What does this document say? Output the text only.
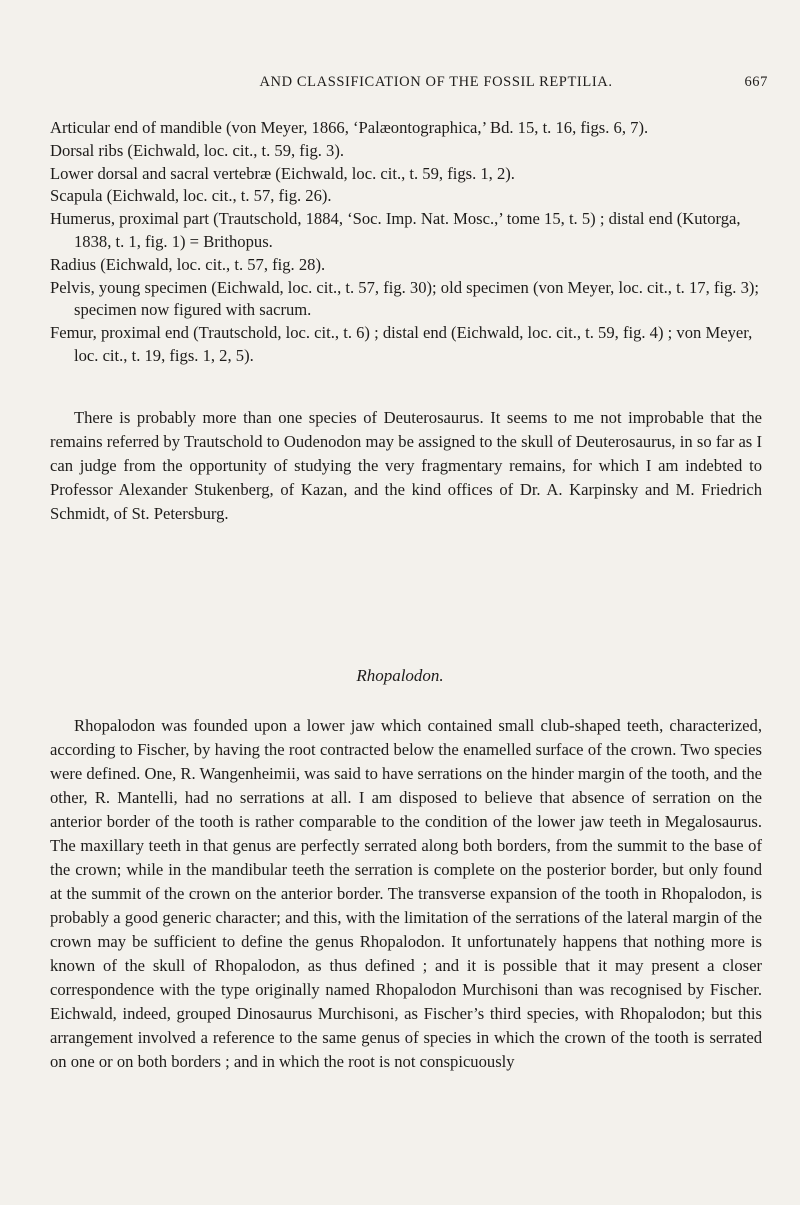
AND CLASSIFICATION OF THE FOSSIL REPTILIA.	667

Articular end of mandible (von Meyer, 1866, ‘Palæontographica,’ Bd. 15, t. 16, figs. 6, 7).

Dorsal ribs (Eichwald, loc. cit., t. 59, fig. 3).

Lower dorsal and sacral vertebræ (Eichwald, loc. cit., t. 59, figs. 1, 2).

Scapula (Eichwald, loc. cit., t. 57, fig. 26).

Humerus, proximal part (Trautschold, 1884, ‘Soc. Imp. Nat. Mosc.,’ tome 15, t. 5) ; distal end (Kutorga, 1838, t. 1, fig. 1) = Brithopus.

Radius (Eichwald, loc. cit., t. 57, fig. 28).

Pelvis, young specimen (Eichwald, loc. cit., t. 57, fig. 30); old specimen (von Meyer, loc. cit., t. 17, fig. 3); specimen now figured with sacrum.

Femur, proximal end (Trautschold, loc. cit., t. 6) ; distal end (Eichwald, loc. cit., t. 59, fig. 4) ; von Meyer, loc. cit., t. 19, figs. 1, 2, 5).

There is probably more than one species of Deuterosaurus. It seems to me not improbable that the remains referred by Trautschold to Oudenodon may be assigned to the skull of Deuterosaurus, in so far as I can judge from the opportunity of studying the very fragmentary remains, for which I am indebted to Professor Alexander Stukenberg, of Kazan, and the kind offices of Dr. A. Karpinsky and M. Friedrich Schmidt, of St. Petersburg.

Rhopalodon.

Rhopalodon was founded upon a lower jaw which contained small club-shaped teeth, characterized, according to Fischer, by having the root contracted below the enamelled surface of the crown. Two species were defined. One, R. Wangenheimii, was said to have serrations on the hinder margin of the tooth, and the other, R. Mantelli, had no serrations at all. I am disposed to believe that absence of serration on the anterior border of the tooth is rather comparable to the condition of the lower jaw teeth in Megalosaurus. The maxillary teeth in that genus are perfectly serrated along both borders, from the summit to the base of the crown; while in the mandibular teeth the serration is complete on the posterior border, but only found at the summit of the crown on the anterior border. The transverse expansion of the tooth in Rhopalodon, is probably a good generic character; and this, with the limitation of the serrations of the lateral margin of the crown may be sufficient to define the genus Rhopalodon. It unfortunately happens that nothing more is known of the skull of Rhopalodon, as thus defined ; and it is possible that it may present a closer correspondence with the type originally named Rhopalodon Murchisoni than was recognised by Fischer. Eichwald, indeed, grouped Dinosaurus Murchisoni, as Fischer’s third species, with Rhopalodon; but this arrangement involved a reference to the same genus of species in which the crown of the tooth is serrated on one or on both borders ; and in which the root is not conspicuously
